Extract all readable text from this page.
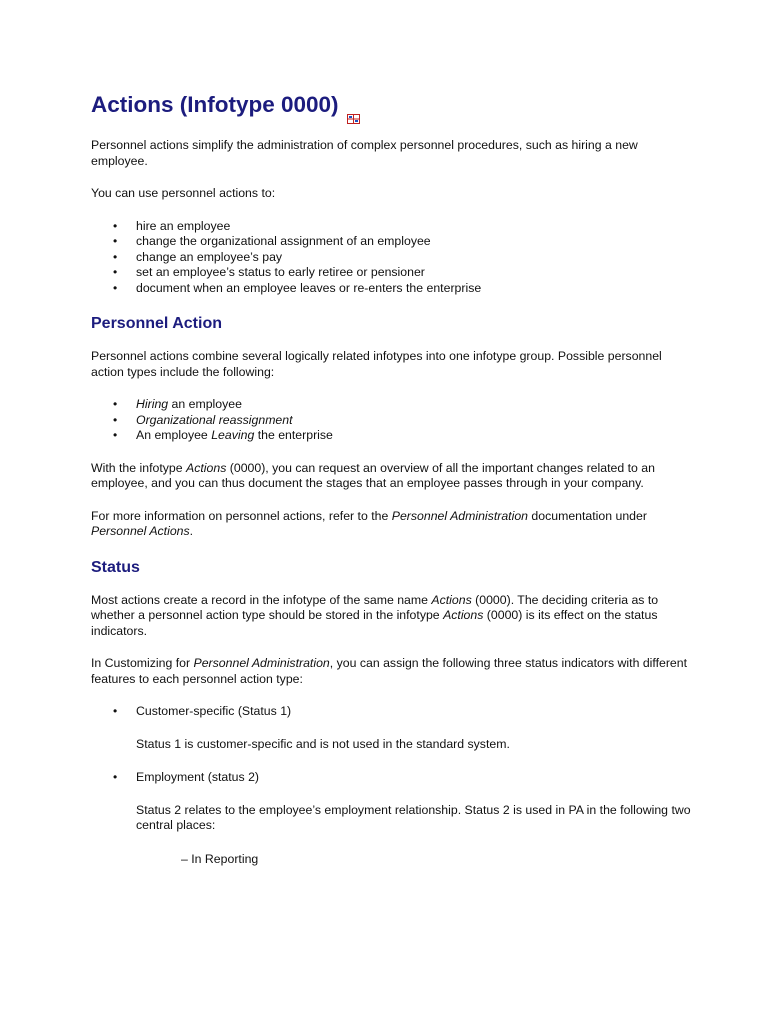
Actions (Infotype 0000)

Personnel actions simplify the administration of complex personnel procedures, such as hiring a new employee.

You can use personnel actions to:

• hire an employee
• change the organizational assignment of an employee
• change an employee’s pay
• set an employee’s status to early retiree or pensioner
• document when an employee leaves or re-enters the enterprise
Personnel Action

Personnel actions combine several logically related infotypes into one infotype group. Possible personnel action types include the following:

• Hiring an employee
• Organizational reassignment
• An employee Leaving the enterprise

With the infotype Actions (0000), you can request an overview of all the important changes related to an employee, and you can thus document the stages that an employee passes through in your company.

For more information on personnel actions, refer to the Personnel Administration documentation under Personnel Actions.

Status

Most actions create a record in the infotype of the same name Actions (0000). The deciding criteria as to whether a personnel action type should be stored in the infotype Actions (0000) is its effect on the status indicators.

In Customizing for Personnel Administration, you can assign the following three status indicators with different features to each personnel action type:

• Customer-specific (Status 1)

Status 1 is customer-specific and is not used in the standard system.

• Employment (status 2)

Status 2 relates to the employee’s employment relationship. Status 2 is used in PA in the following two central places:

– In Reporting
